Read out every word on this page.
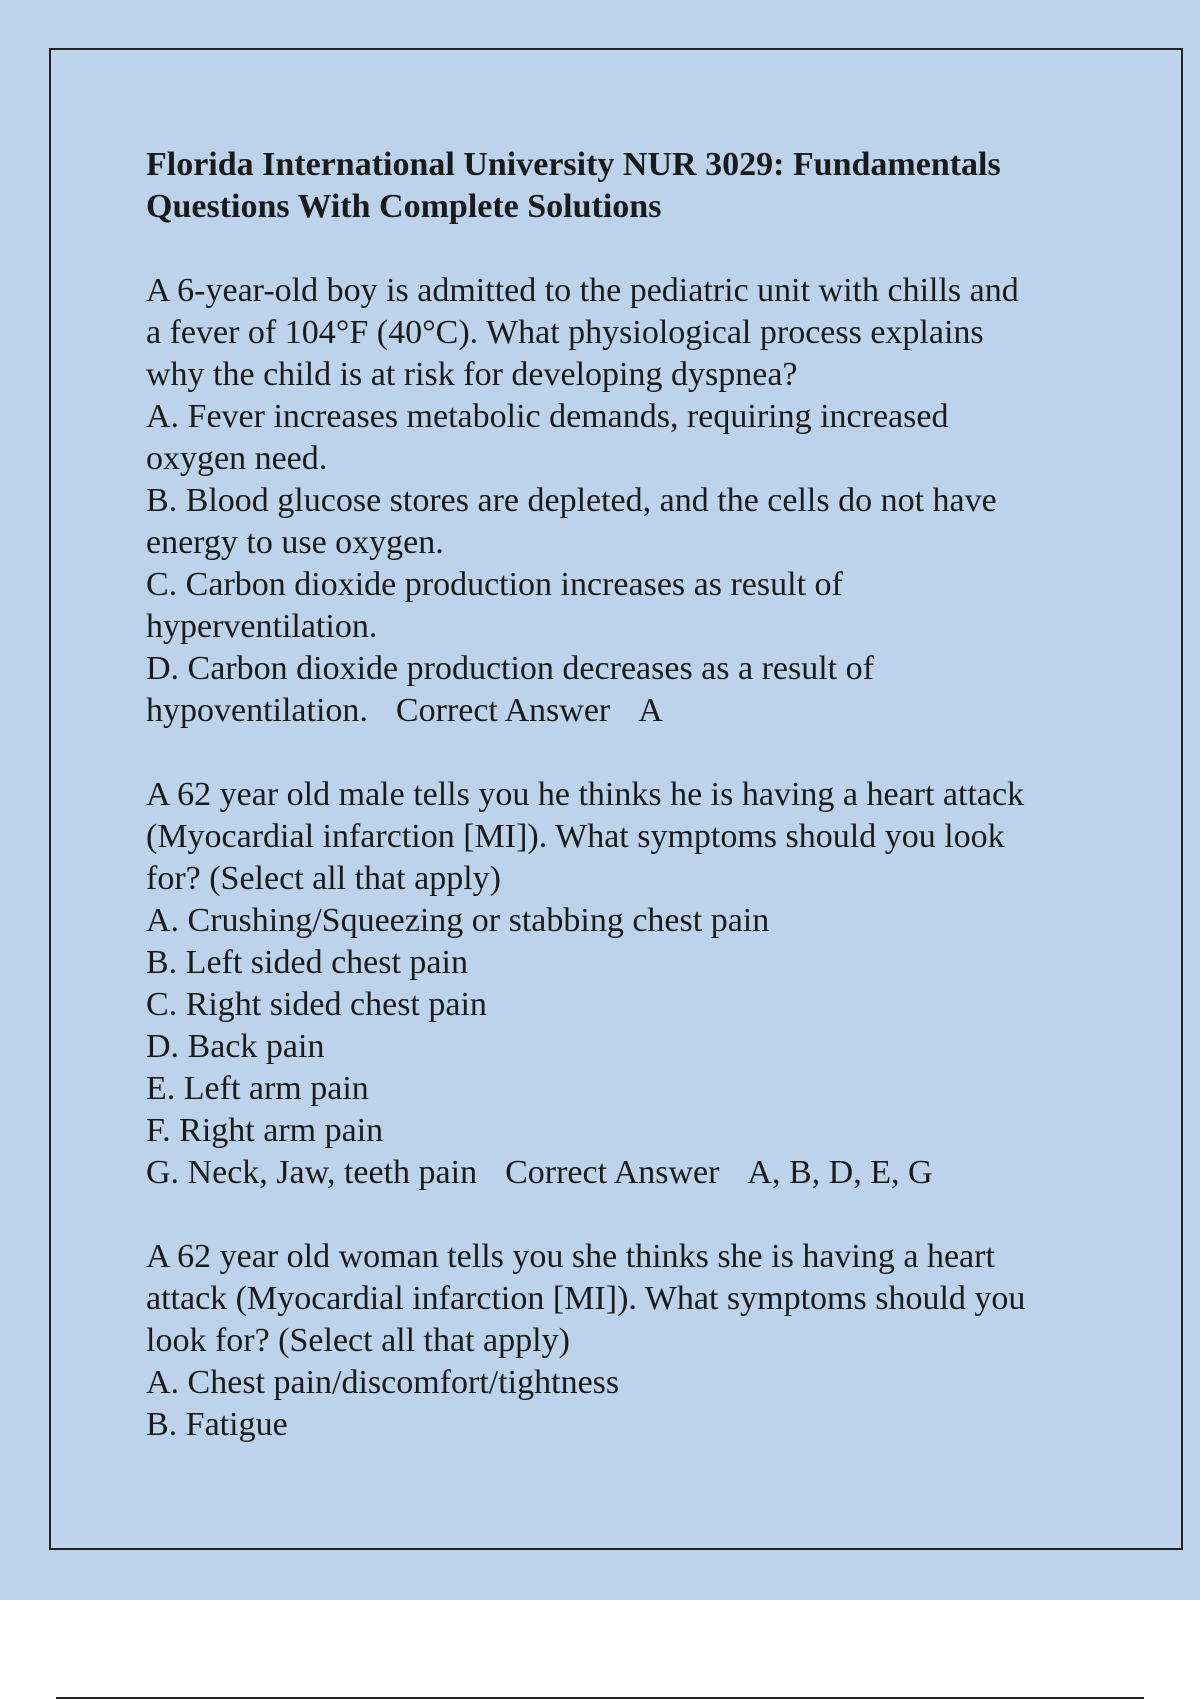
Florida International University NUR 3029: Fundamentals
Questions With Complete Solutions
A 6-year-old boy is admitted to the pediatric unit with chills and
a fever of 104°F (40°C). What physiological process explains
why the child is at risk for developing dyspnea?
A. Fever increases metabolic demands, requiring increased
oxygen need.
B. Blood glucose stores are depleted, and the cells do not have
energy to use oxygen.
C. Carbon dioxide production increases as result of
hyperventilation.
D. Carbon dioxide production decreases as a result of
hypoventilation. Correct Answer A
A 62 year old male tells you he thinks he is having a heart attack
(Myocardial infarction [MI]). What symptoms should you look
for? (Select all that apply)
A. Crushing/Squeezing or stabbing chest pain
B. Left sided chest pain
C. Right sided chest pain
D. Back pain
E. Left arm pain
F. Right arm pain
G. Neck, Jaw, teeth pain Correct Answer A, B, D, E, G
A 62 year old woman tells you she thinks she is having a heart
attack (Myocardial infarction [MI]). What symptoms should you
look for? (Select all that apply)
A. Chest pain/discomfort/tightness
B. Fatigue
